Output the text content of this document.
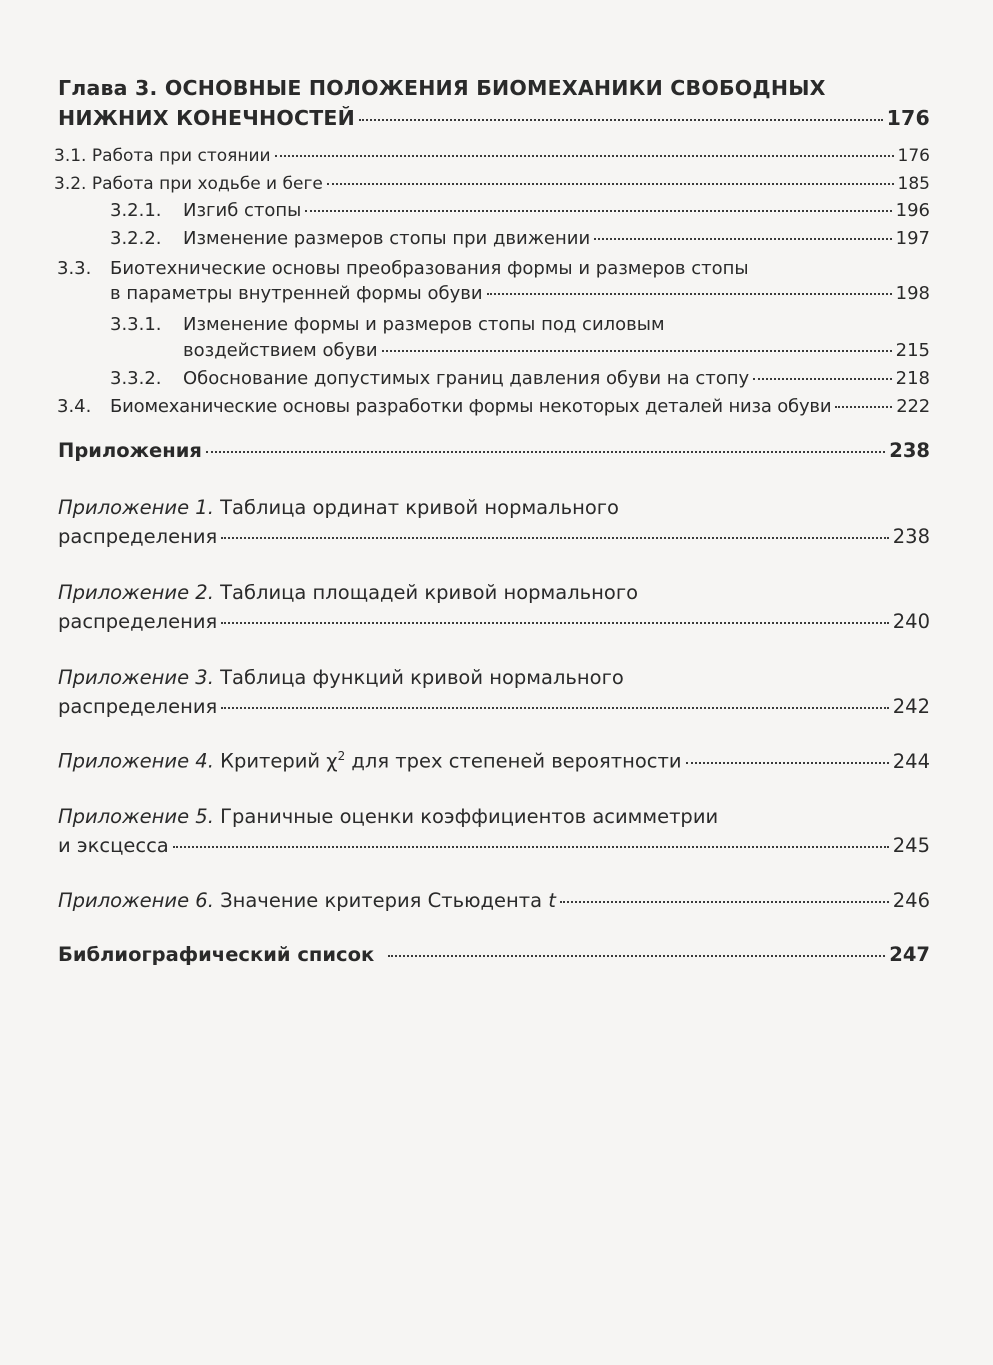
Глава 3. ОСНОВНЫЕ ПОЛОЖЕНИЯ БИОМЕХАНИКИ СВОБОДНЫХ
НИЖНИХ КОНЕЧНОСТЕЙ	176
3.1. Работа при стоянии	176
3.2. Работа при ходьбе и беге	185
3.2.1. Изгиб стопы	196
3.2.2. Изменение размеров стопы при движении	197
3.3. Биотехнические основы преобразования формы и размеров стопы
в параметры внутренней формы обуви	198
3.3.1. Изменение формы и размеров стопы под силовым
воздействием обуви	215
3.3.2. Обоснование допустимых границ давления обуви на стопу	218
3.4. Биомеханические основы разработки формы некоторых деталей низа обуви	222
Приложения	238
Приложение 1. Таблица ординат кривой нормального
распределения	238
Приложение 2. Таблица площадей кривой нормального
распределения	240
Приложение 3. Таблица функций кривой нормального
распределения	242
Приложение 4. Критерий $\chi^2$ для трех степеней вероятности	244
Приложение 5. Граничные оценки коэффициентов асимметрии
и эксцесса	245
Приложение 6. Значение критерия Стьюдента t	246
Библиографический список	247
